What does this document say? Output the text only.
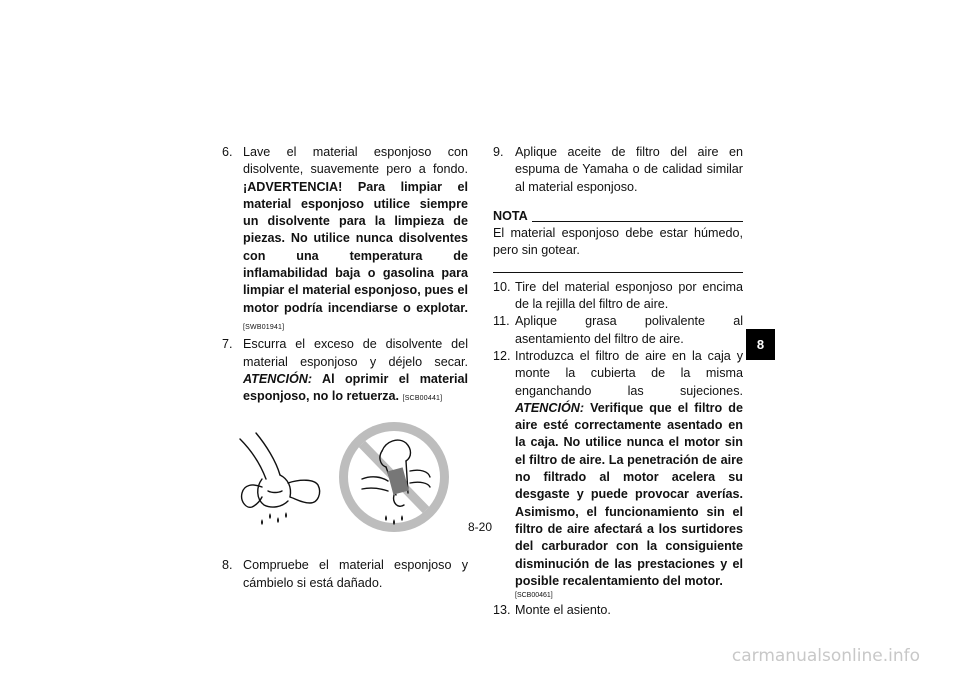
6. Lave el material esponjoso con disolvente, suavemente pero a fondo. ¡ADVERTENCIA! Para limpiar el material esponjoso utilice siempre un disolvente para la limpieza de piezas. No utilice nunca disolventes con una temperatura de inflamabilidad baja o gasolina para limpiar el material esponjoso, pues el motor podría incendiarse o explotar. [SWB01941]
7. Escurra el exceso de disolvente del material esponjoso y déjelo secar. ATENCIÓN: Al oprimir el material esponjoso, no lo retuerza. [SCB00441]
8. Compruebe el material esponjoso y cámbielo si está dañado.
9. Aplique aceite de filtro del aire en espuma de Yamaha o de calidad similar al material esponjoso.
NOTA
El material esponjoso debe estar húmedo, pero sin gotear.
10. Tire del material esponjoso por encima de la rejilla del filtro de aire.
11. Aplique grasa polivalente al asentamiento del filtro de aire.
12. Introduzca el filtro de aire en la caja y monte la cubierta de la misma enganchando las sujeciones. ATENCIÓN: Verifique que el filtro de aire esté correctamente asentado en la caja. No utilice nunca el motor sin el filtro de aire. La penetración de aire no filtrado al motor acelera su desgaste y puede provocar averías. Asimismo, el funcionamiento sin el filtro de aire afectará a los surtidores del carburador con la consiguiente disminución de las prestaciones y el posible recalentamiento del motor.
[SCB00461]
13. Monte el asiento.
8
8-20
carmanualsonline.info
